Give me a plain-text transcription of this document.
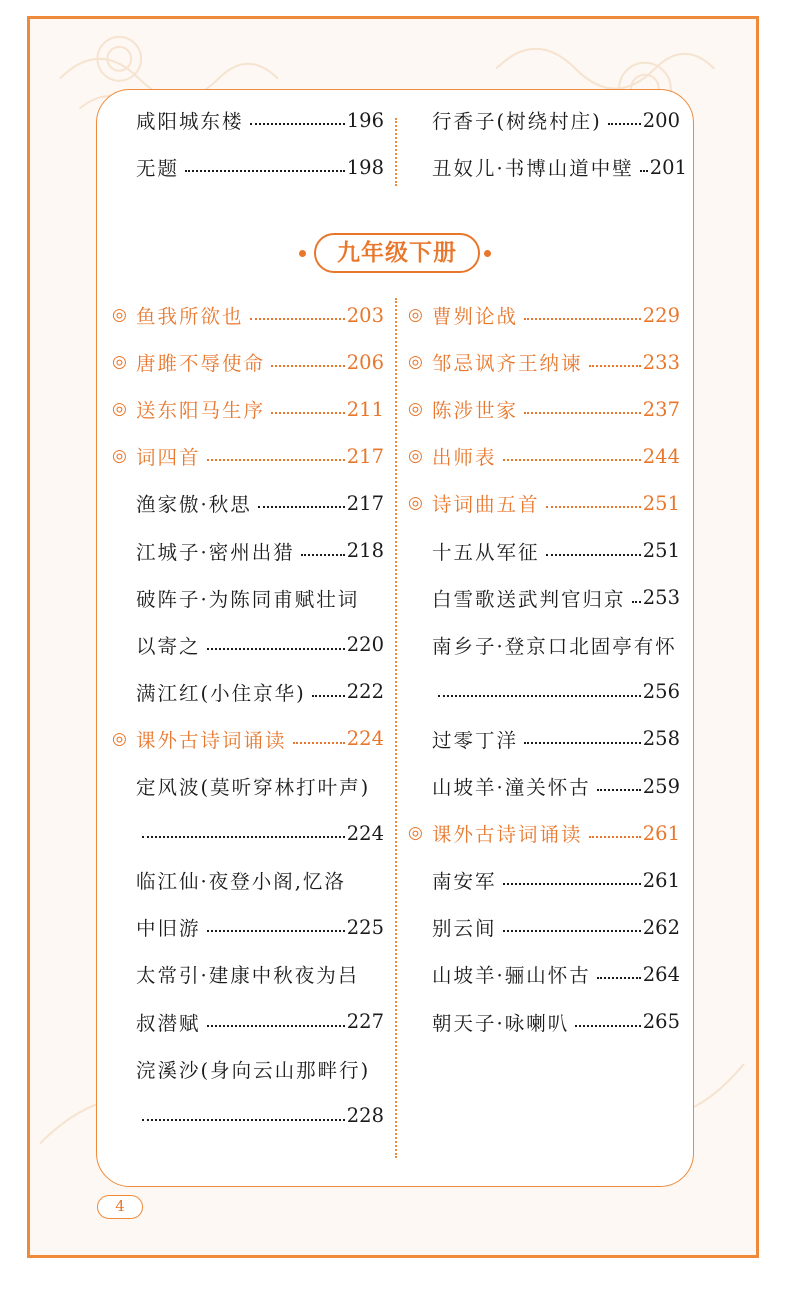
九年级下册
咸阳城东楼	196
无题	198
行香子(树绕村庄) 200
丑奴儿·书博山道中壁 201
◎ 鱼我所欲也	203
◎ 唐雎不辱使命	206
◎ 送东阳马生序	211
◎ 词四首	217
渔家傲·秋思	217
江城子·密州出猎	218
破阵子·为陈同甫赋壮词
以寄之	220
满江红(小住京华) 222
◎ 课外古诗词诵读	224
定风波(莫听穿林打叶声)
224
临江仙·夜登小阁,忆洛
中旧游	225
太常引·建康中秋夜为吕
叔潜赋	227
浣溪沙(身向云山那畔行)
228
◎ 曹刿论战	229
◎ 邹忌讽齐王纳谏	233
◎ 陈涉世家	237
◎ 出师表	244
◎ 诗词曲五首	251
十五从军征	251
白雪歌送武判官归京 253
南乡子·登京口北固亭有怀
256
过零丁洋	258
山坡羊·潼关怀古	259
◎ 课外古诗词诵读	261
南安军	261
别云间	262
山坡羊·骊山怀古	264
朝天子·咏喇叭	265
4
